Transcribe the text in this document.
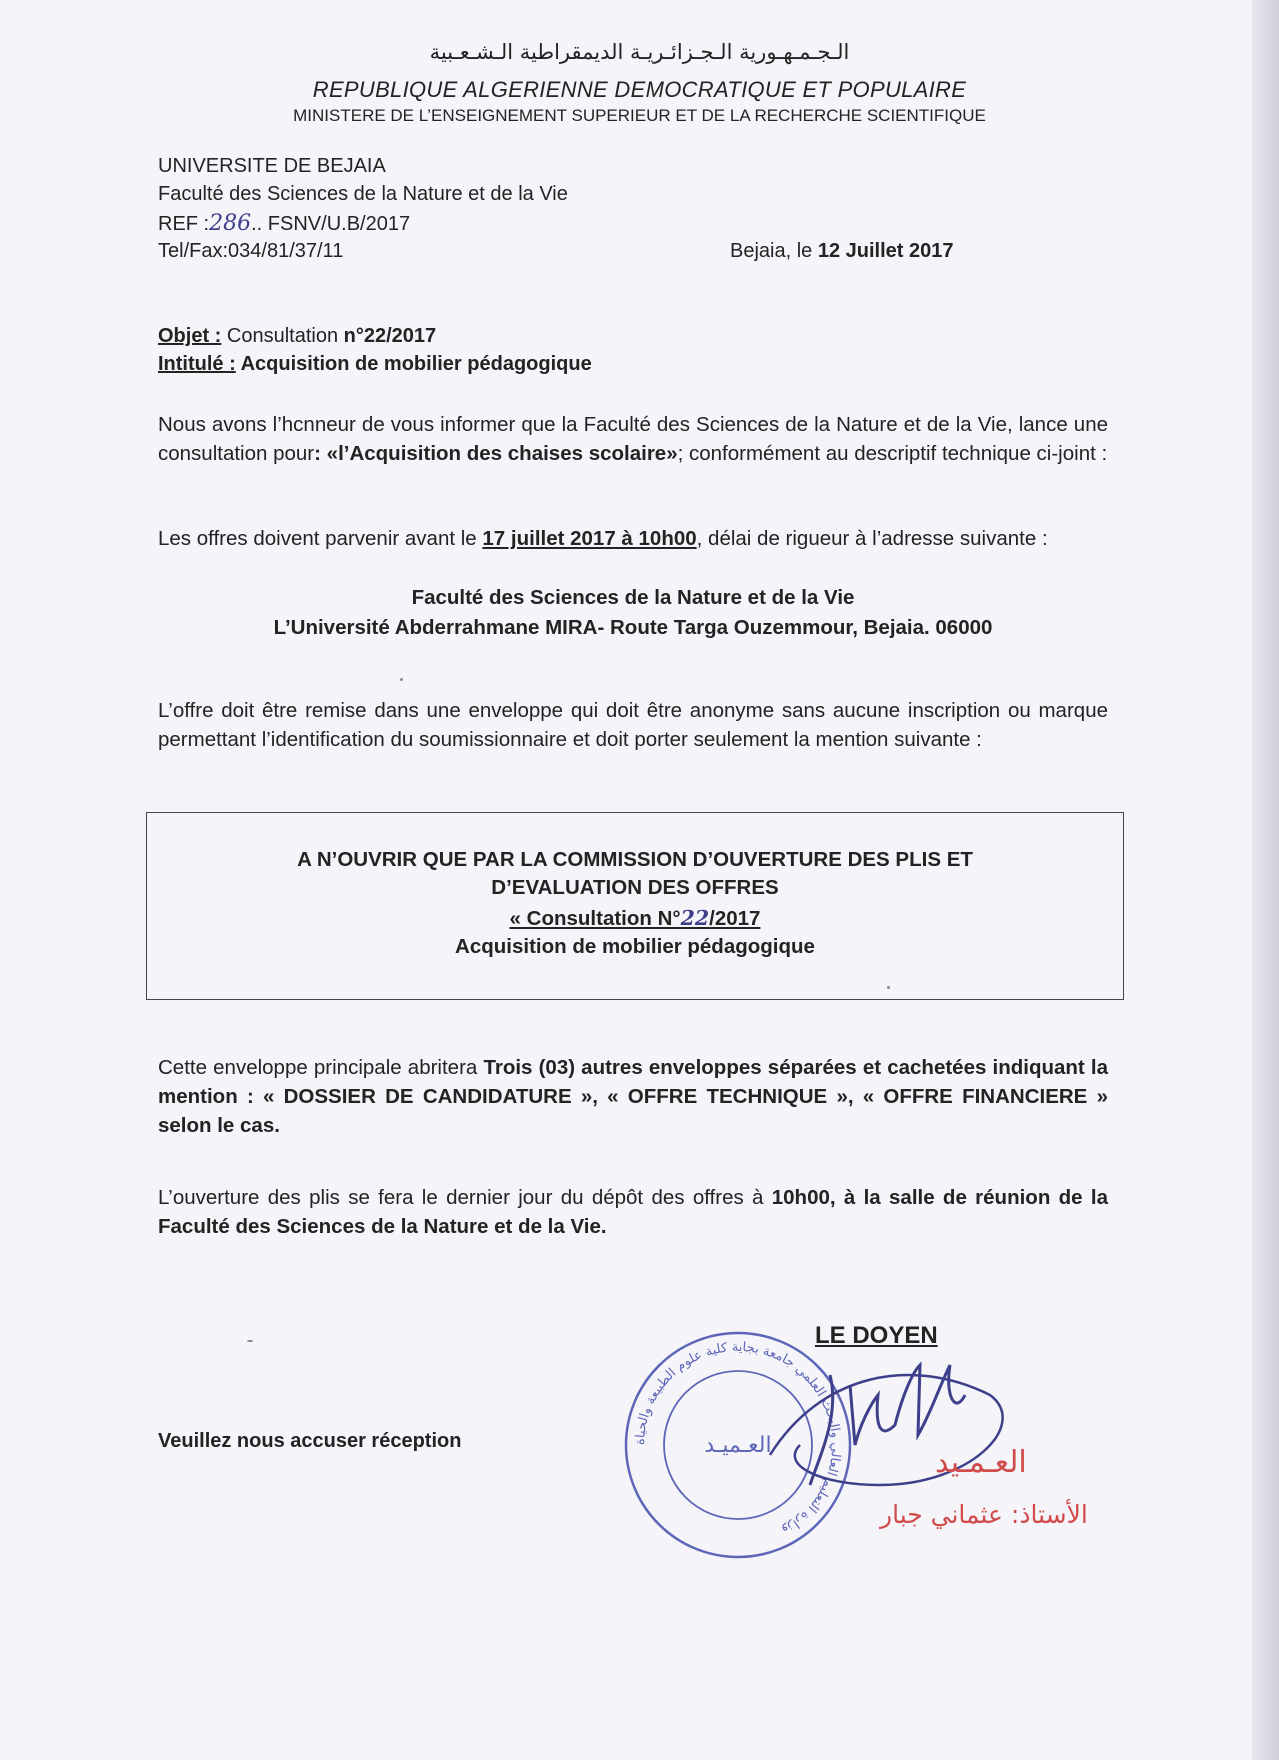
الـجـمـهـورية الـجـزائـريـة الديمقراطية الـشـعـبية
REPUBLIQUE ALGERIENNE DEMOCRATIQUE ET POPULAIRE
MINISTERE DE L’ENSEIGNEMENT SUPERIEUR ET DE LA RECHERCHE SCIENTIFIQUE
UNIVERSITE DE BEJAIA
Faculté des Sciences de la Nature et de la Vie
REF :286.. FSNV/U.B/2017
Tel/Fax:034/81/37/11	Bejaia, le 12 Juillet 2017
Objet : Consultation n°22/2017
Intitulé : Acquisition de mobilier pédagogique
Nous avons l’hcnneur de vous informer que la Faculté des Sciences de la Nature et de la Vie, lance une consultation pour: «l’Acquisition des chaises scolaire»; conformément au descriptif technique ci-joint :
Les offres doivent parvenir avant le 17 juillet 2017 à 10h00, délai de rigueur à l’adresse suivante :
Faculté des Sciences de la Nature et de la Vie
L’Université Abderrahmane MIRA- Route Targa Ouzemmour, Bejaia. 06000
L’offre doit être remise dans une enveloppe qui doit être anonyme sans aucune inscription ou marque permettant l’identification du soumissionnaire et doit porter seulement la mention suivante :
A N’OUVRIR QUE PAR LA COMMISSION D’OUVERTURE DES PLIS ET
D’EVALUATION DES OFFRES
« Consultation N°22/2017
Acquisition de mobilier pédagogique
Cette enveloppe principale abritera Trois (03) autres enveloppes séparées et cachetées indiquant la mention : « DOSSIER DE CANDIDATURE », « OFFRE TECHNIQUE », « OFFRE FINANCIERE » selon le cas.
L’ouverture des plis se fera le dernier jour du dépôt des offres à 10h00, à la salle de réunion de la Faculté des Sciences de la Nature et de la Vie.
Veuillez nous accuser réception	وزارة التعليم العالي والبحث العلمي جامعة بجاية كلية علوم الطبيعة والحياة
العـميـد
LE DOYEN
العـمـيد
الأستاذ: عثماني جبار
